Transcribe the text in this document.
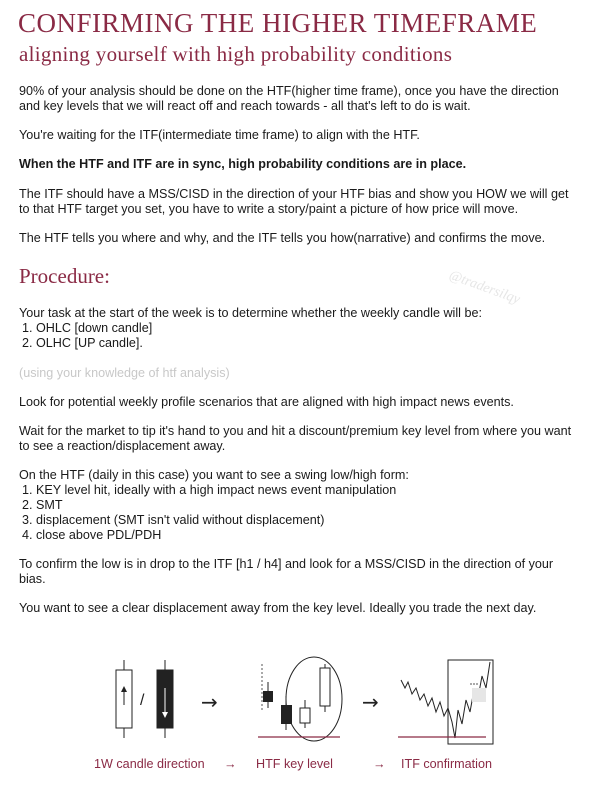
CONFIRMING THE HIGHER TIMEFRAME
aligning yourself with high probability conditions
90% of your analysis should be done on the HTF(higher time frame), once you have the direction and key levels that we will react off and reach towards - all that's left to do is wait.
You're waiting for the ITF(intermediate time frame) to align with the HTF.
When the HTF and ITF are in sync, high probability conditions are in place.
The ITF should have a MSS/CISD in the direction of your HTF bias and show you HOW we will get to that HTF target you set, you have to write a story/paint a picture of how price will move.
The HTF tells you where and why, and the ITF tells you how(narrative) and confirms the move.
Procedure:	@tradersilqy
Your task at the start of the week is to determine whether the weekly candle will be:
1. OHLC [down candle]
2. OLHC [UP candle].
(using your knowledge of htf analysis)
Look for potential weekly profile scenarios that are aligned with high impact news events.
Wait for the market to tip it's hand to you and hit a discount/premium key level from where you want to see a reaction/displacement away.
On the HTF (daily in this case) you want to see a swing low/high form:
1. KEY level hit, ideally with a high impact news event manipulation
2. SMT
3. displacement (SMT isn't valid without displacement)
4. close above PDL/PDH
To confirm the low is in drop to the ITF [h1 / h4] and look for a MSS/CISD in the direction of your bias.
You want to see a clear displacement away from the key level. Ideally you trade the next day.
/	→	→
1W candle direction → HTF key level	→ ITF confirmation
